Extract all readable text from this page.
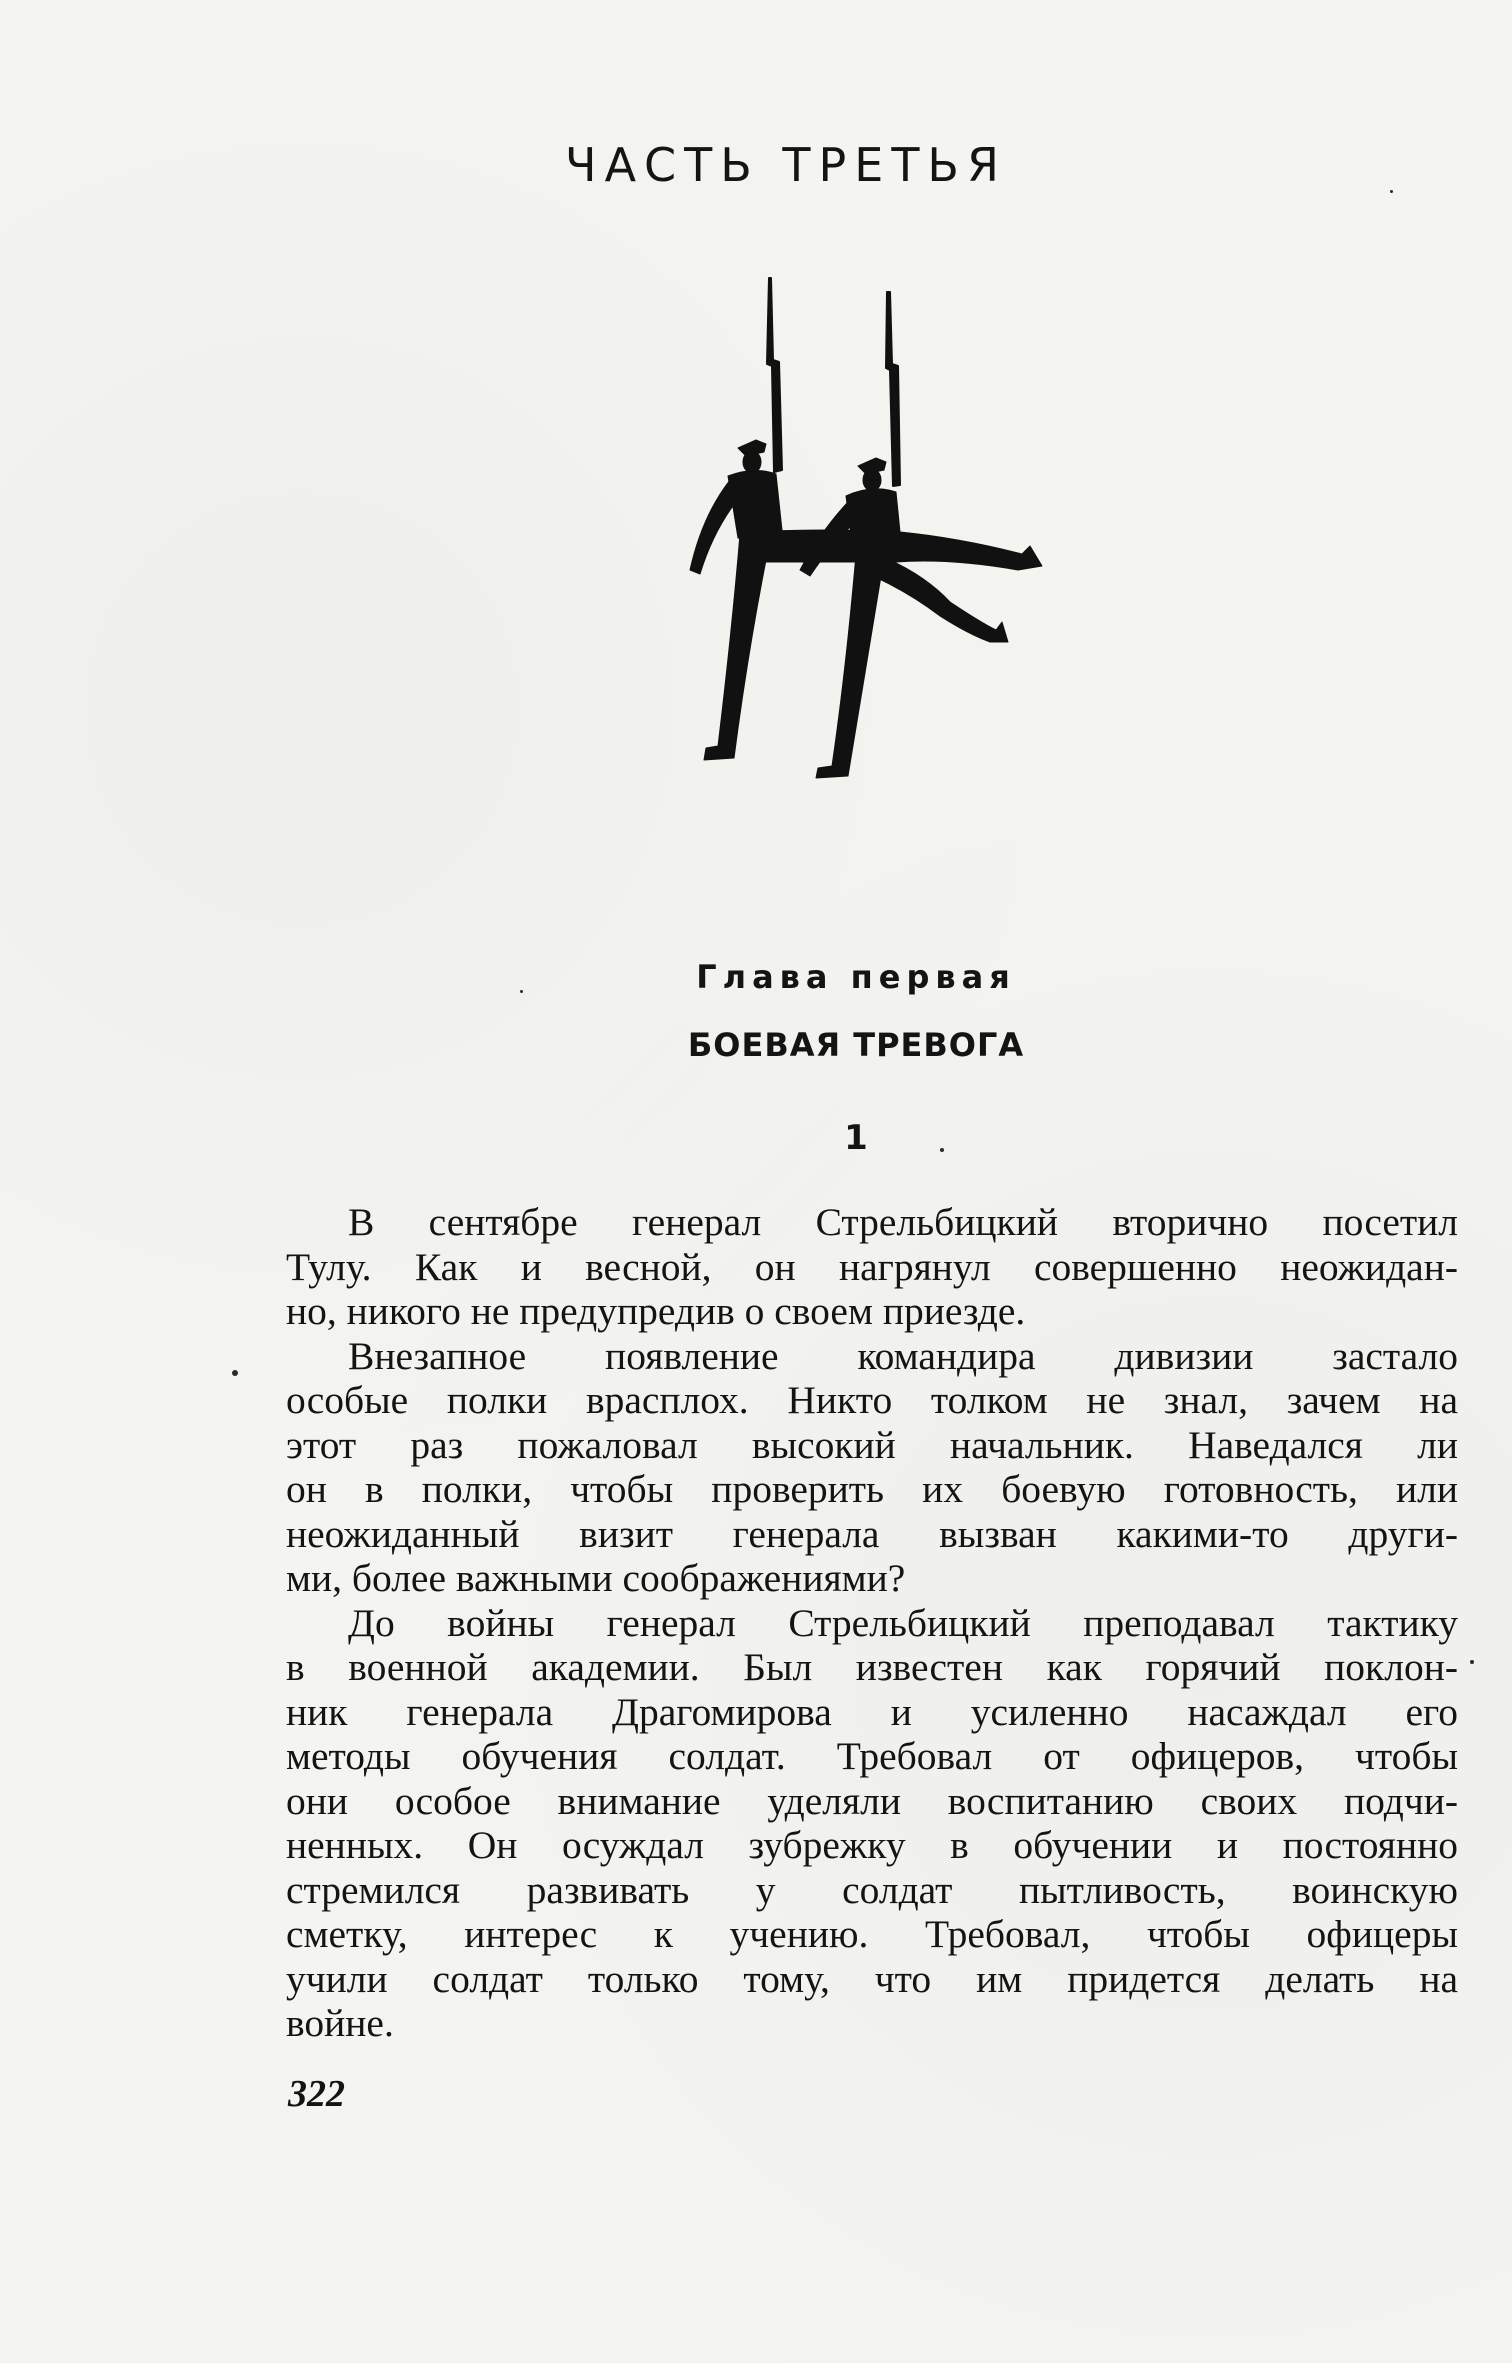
ЧАСТЬ ТРЕТЬЯ
Глава первая
БОЕВАЯ ТРЕВОГА
1
В сентябре генерал Стрельбицкий вторично посетил
Тулу. Как и весной, он нагрянул совершенно неожидан-
но, никого не предупредив о своем приезде.
Внезапное появление командира дивизии застало
особые полки врасплох. Никто толком не знал, зачем на
этот раз пожаловал высокий начальник. Наведался ли
он в полки, чтобы проверить их боевую готовность, или
неожиданный визит генерала вызван какими-то други-
ми, более важными соображениями?
До войны генерал Стрельбицкий преподавал тактику
в военной академии. Был известен как горячий поклон-
ник генерала Драгомирова и усиленно насаждал его
методы обучения солдат. Требовал от офицеров, чтобы
они особое внимание уделяли воспитанию своих подчи-
ненных. Он осуждал зубрежку в обучении и постоянно
стремился развивать у солдат пытливость, воинскую
сметку, интерес к учению. Требовал, чтобы офицеры
учили солдат только тому, что им придется делать на
войне.
322
